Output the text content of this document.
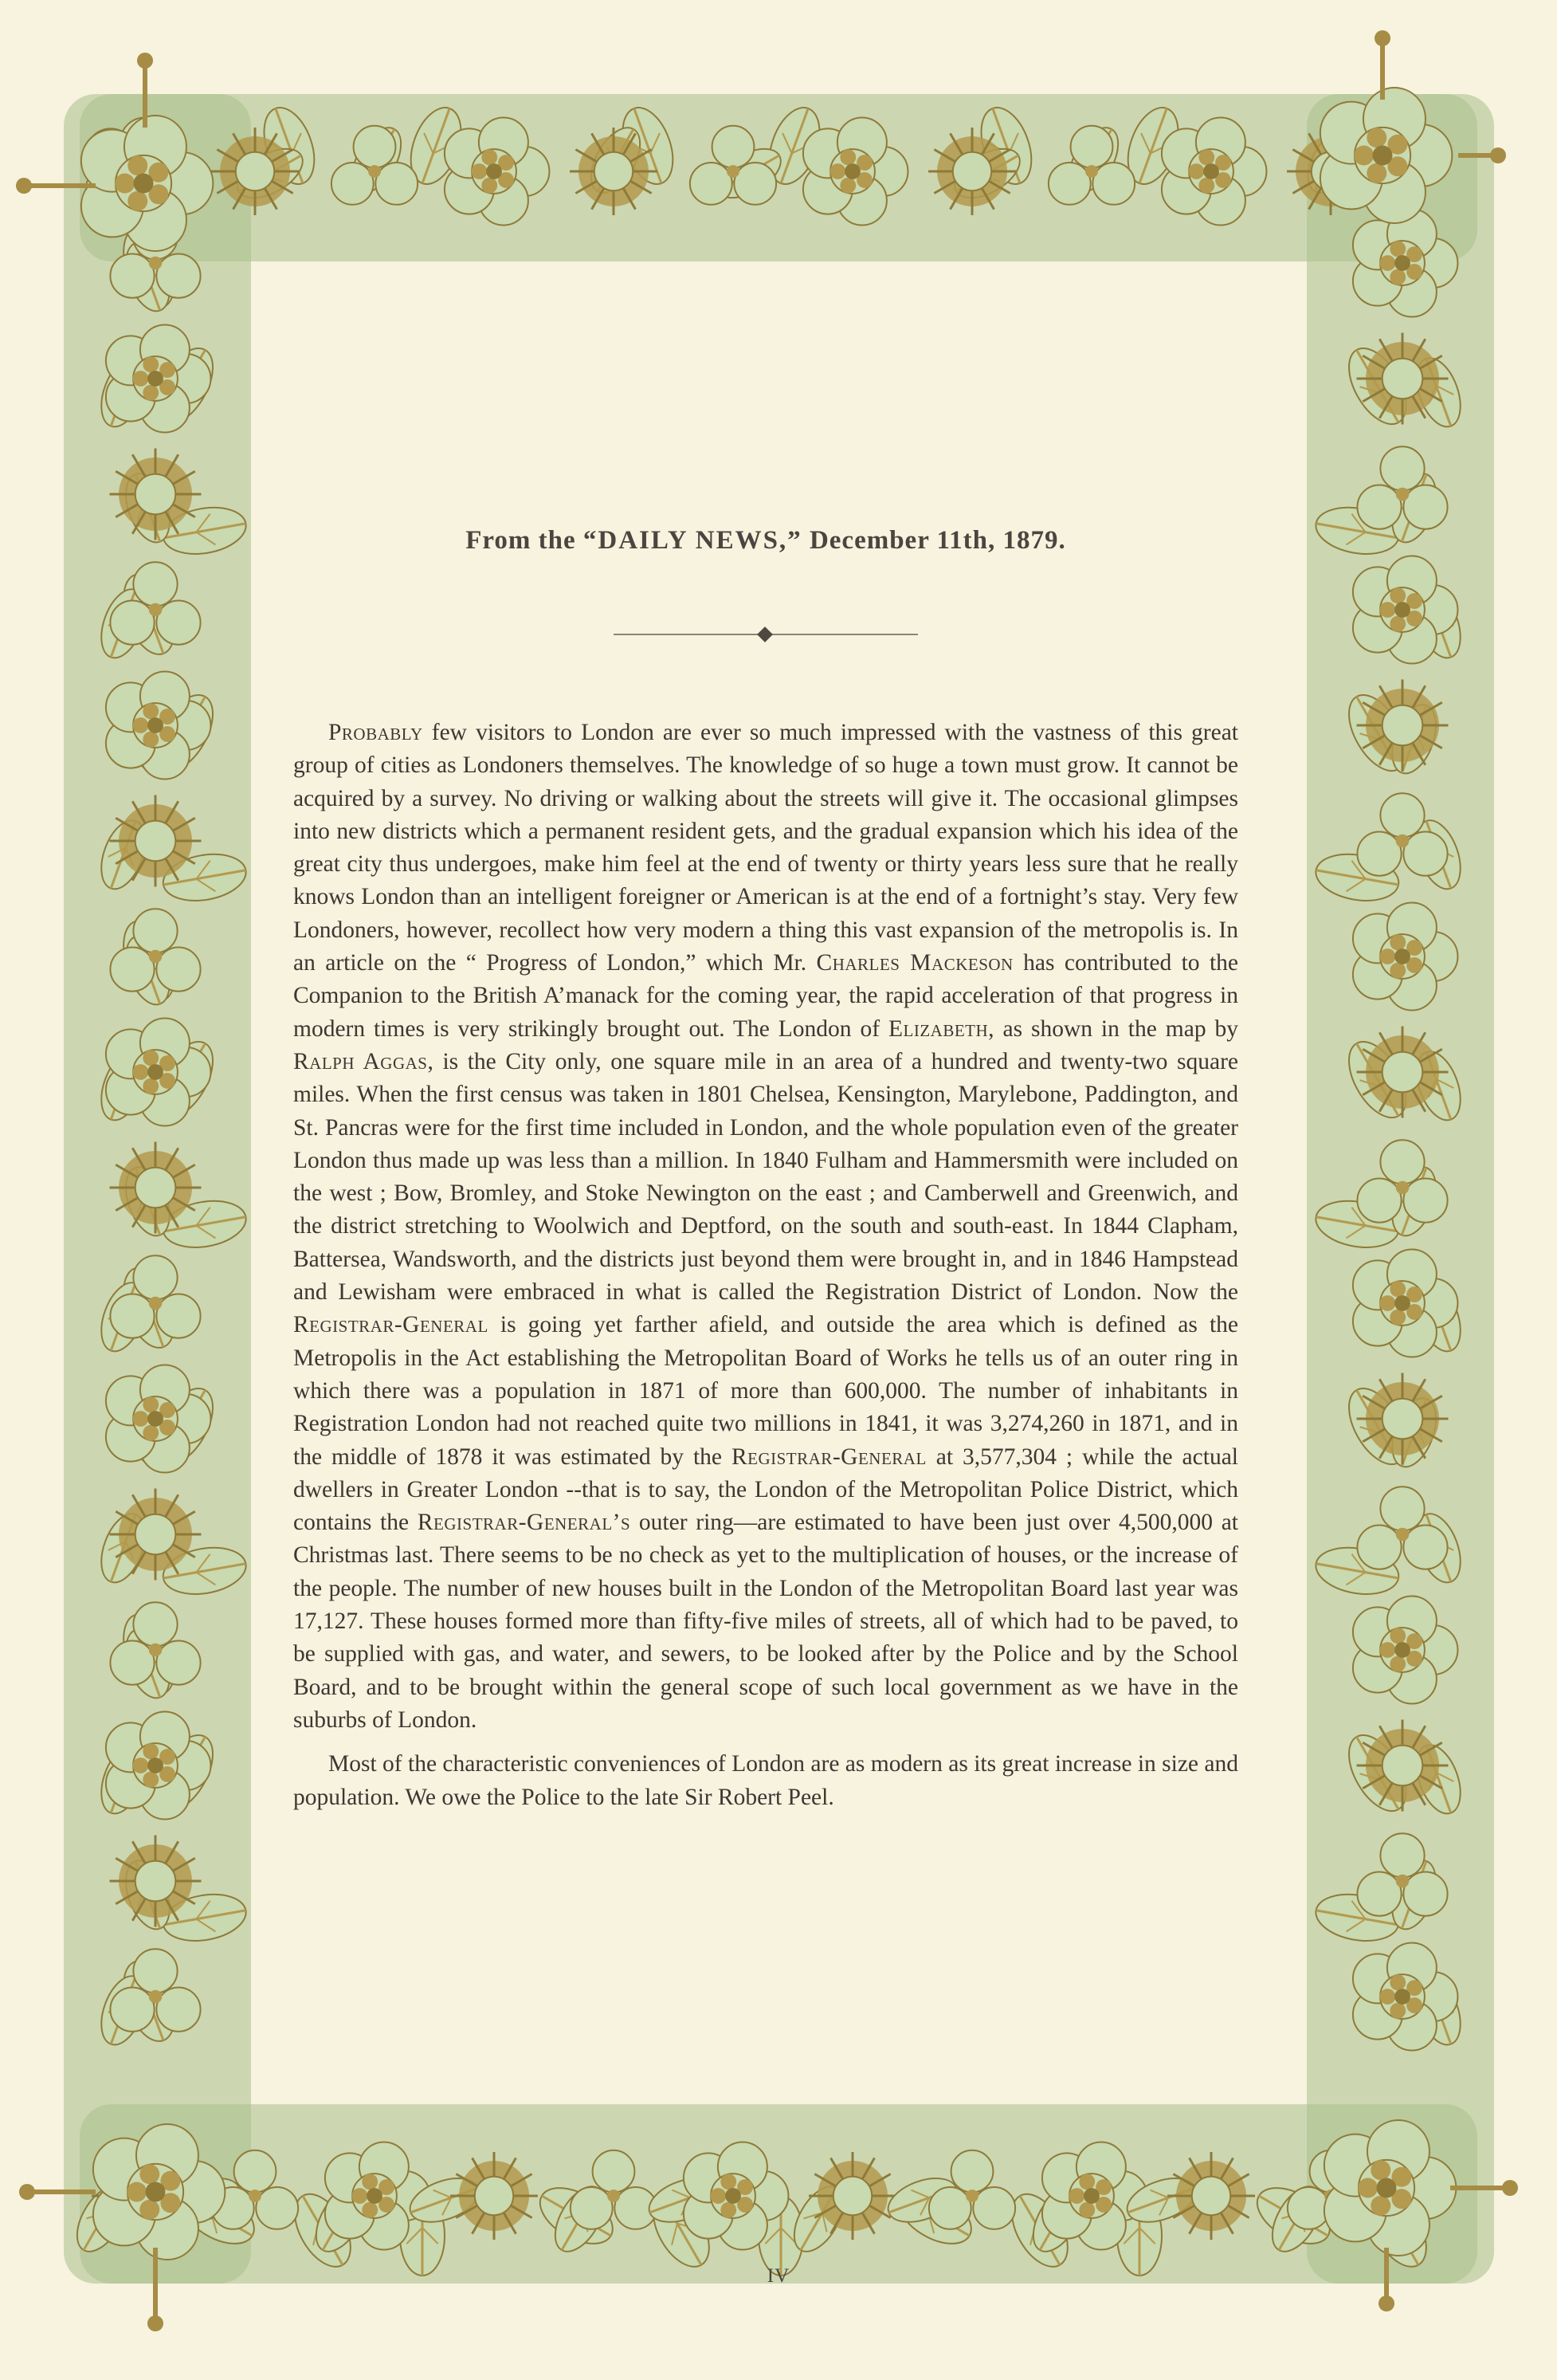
From the “DAILY NEWS,” December 11th, 1879.

Probably few visitors to London are ever so much impressed with the vastness of this great group of cities as Londoners themselves. The knowledge of so huge a town must grow. It cannot be acquired by a survey. No driving or walking about the streets will give it. The occasional glimpses into new districts which a permanent resident gets, and the gradual expansion which his idea of the great city thus undergoes, make him feel at the end of twenty or thirty years less sure that he really knows London than an intelligent foreigner or American is at the end of a fortnight’s stay. Very few Londoners, however, recollect how very modern a thing this vast expansion of the metropolis is. In an article on the “ Progress of London,” which Mr. Charles Mackeson has contributed to the Companion to the British A’manack for the coming year, the rapid acceleration of that progress in modern times is very strikingly brought out. The London of Elizabeth, as shown in the map by Ralph Aggas, is the City only, one square mile in an area of a hundred and twenty-two square miles. When the first census was taken in 1801 Chelsea, Kensington, Marylebone, Paddington, and St. Pancras were for the first time included in London, and the whole population even of the greater London thus made up was less than a million. In 1840 Fulham and Hammersmith were included on the west ; Bow, Bromley, and Stoke Newington on the east ; and Camberwell and Greenwich, and the district stretching to Woolwich and Deptford, on the south and south-east. In 1844 Clapham, Battersea, Wandsworth, and the districts just beyond them were brought in, and in 1846 Hampstead and Lewisham were embraced in what is called the Registration District of London. Now the Registrar-General is going yet farther afield, and outside the area which is defined as the Metropolis in the Act establishing the Metropolitan Board of Works he tells us of an outer ring in which there was a population in 1871 of more than 600,000. The number of inhabitants in Registration London had not reached quite two millions in 1841, it was 3,274,260 in 1871, and in the middle of 1878 it was estimated by the Registrar-General at 3,577,304 ; while the actual dwellers in Greater London --that is to say, the London of the Metropolitan Police District, which contains the Registrar-General’s outer ring—are estimated to have been just over 4,500,000 at Christmas last. There seems to be no check as yet to the multiplication of houses, or the increase of the people. The number of new houses built in the London of the Metropolitan Board last year was 17,127. These houses formed more than fifty-five miles of streets, all of which had to be paved, to be supplied with gas, and water, and sewers, to be looked after by the Police and by the School Board, and to be brought within the general scope of such local government as we have in the suburbs of London.

Most of the characteristic conveniences of London are as modern as its great increase in size and population. We owe the Police to the late Sir Robert Peel.

IV
